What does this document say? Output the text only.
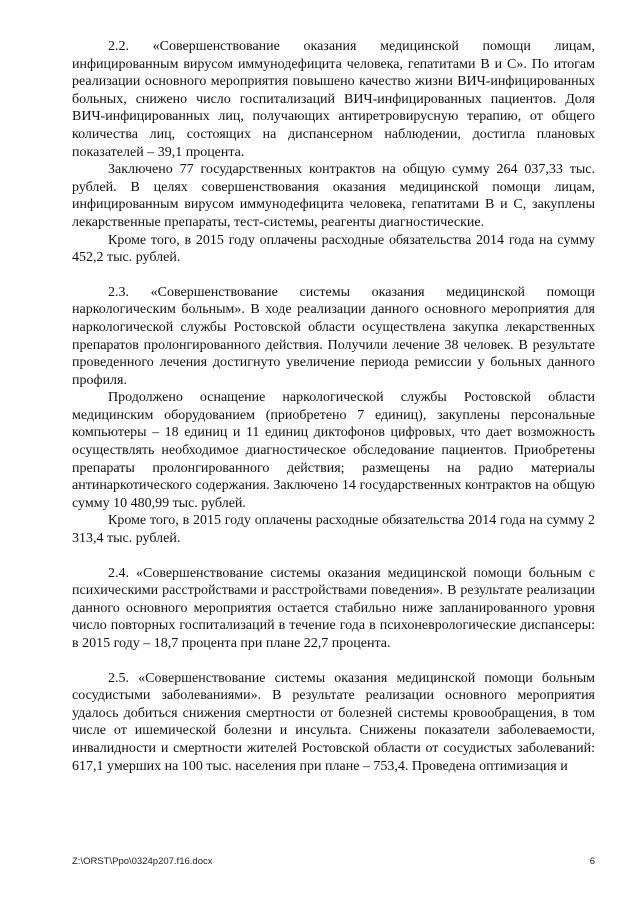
2.2. «Совершенствование оказания медицинской помощи лицам, инфицированным вирусом иммунодефицита человека, гепатитами В и С». По итогам реализации основного мероприятия повышено качество жизни ВИЧ-инфицированных больных, снижено число госпитализаций ВИЧ-инфицированных пациентов. Доля ВИЧ-инфицированных лиц, получающих антиретровирусную терапию, от общего количества лиц, состоящих на диспансерном наблюдении, достигла плановых показателей – 39,1 процента.

Заключено 77 государственных контрактов на общую сумму 264 037,33 тыс. рублей. В целях совершенствования оказания медицинской помощи лицам, инфицированным вирусом иммунодефицита человека, гепатитами В и С, закуплены лекарственные препараты, тест-системы, реагенты диагностические.

Кроме того, в 2015 году оплачены расходные обязательства 2014 года на сумму 452,2 тыс. рублей.

2.3. «Совершенствование системы оказания медицинской помощи наркологическим больным». В ходе реализации данного основного мероприятия для наркологической службы Ростовской области осуществлена закупка лекарственных препаратов пролонгированного действия. Получили лечение 38 человек. В результате проведенного лечения достигнуто увеличение периода ремиссии у больных данного профиля.

Продолжено оснащение наркологической службы Ростовской области медицинским оборудованием (приобретено 7 единиц), закуплены персональные компьютеры – 18 единиц и 11 единиц диктофонов цифровых, что дает возможность осуществлять необходимое диагностическое обследование пациентов. Приобретены препараты пролонгированного действия; размещены на радио материалы антинаркотического содержания. Заключено 14 государственных контрактов на общую сумму 10 480,99 тыс. рублей.

Кроме того, в 2015 году оплачены расходные обязательства 2014 года на сумму 2 313,4 тыс. рублей.

2.4. «Совершенствование системы оказания медицинской помощи больным с психическими расстройствами и расстройствами поведения». В результате реализации данного основного мероприятия остается стабильно ниже запланированного уровня число повторных госпитализаций в течение года в психоневрологические диспансеры: в 2015 году – 18,7 процента при плане 22,7 процента.

2.5. «Совершенствование системы оказания медицинской помощи больным сосудистыми заболеваниями». В результате реализации основного мероприятия удалось добиться снижения смертности от болезней системы кровообращения, в том числе от ишемической болезни и инсульта. Снижены показатели заболеваемости, инвалидности и смертности жителей Ростовской области от сосудистых заболеваний: 617,1 умерших на 100 тыс. населения при плане – 753,4. Проведена оптимизация и

Z:\ORST\Ppo\0324p207.f16.docx	6
